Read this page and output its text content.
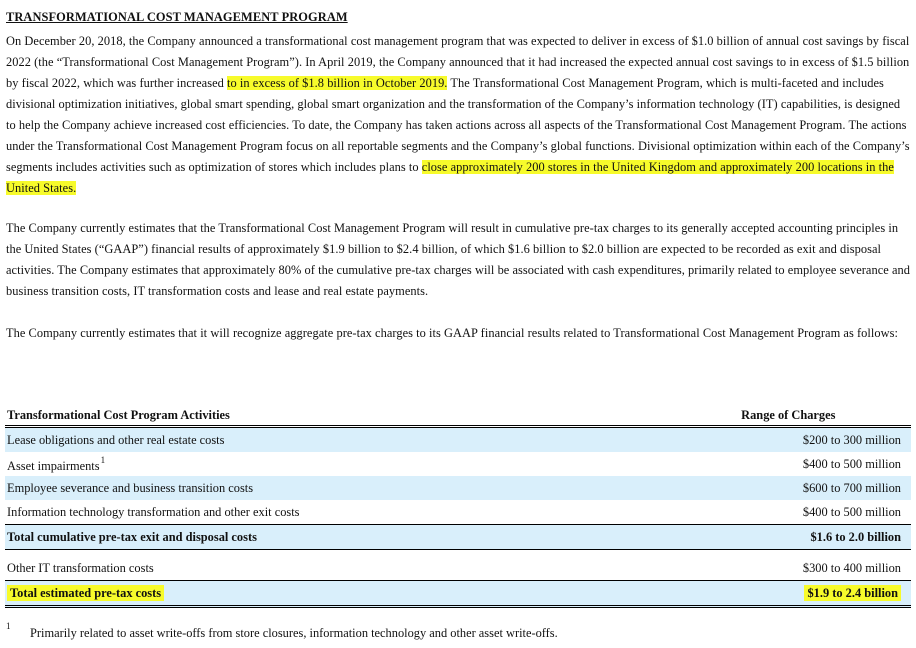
TRANSFORMATIONAL COST MANAGEMENT PROGRAM

On December 20, 2018, the Company announced a transformational cost management program that was expected to deliver in excess of $1.0 billion of annual cost savings by fiscal 2022 (the “Transformational Cost Management Program”). In April 2019, the Company announced that it had increased the expected annual cost savings to in excess of $1.5 billion by fiscal 2022, which was further increased to in excess of $1.8 billion in October 2019. The Transformational Cost Management Program, which is multi-faceted and includes divisional optimization initiatives, global smart spending, global smart organization and the transformation of the Company’s information technology (IT) capabilities, is designed to help the Company achieve increased cost efficiencies. To date, the Company has taken actions across all aspects of the Transformational Cost Management Program. The actions under the Transformational Cost Management Program focus on all reportable segments and the Company’s global functions. Divisional optimization within each of the Company’s segments includes activities such as optimization of stores which includes plans to close approximately 200 stores in the United Kingdom and approximately 200 locations in the United States.

The Company currently estimates that the Transformational Cost Management Program will result in cumulative pre-tax charges to its generally accepted accounting principles in the United States (“GAAP”) financial results of approximately $1.9 billion to $2.4 billion, of which $1.6 billion to $2.0 billion are expected to be recorded as exit and disposal activities. The Company estimates that approximately 80% of the cumulative pre-tax charges will be associated with cash expenditures, primarily related to employee severance and business transition costs, IT transformation costs and lease and real estate payments.

The Company currently estimates that it will recognize aggregate pre-tax charges to its GAAP financial results related to Transformational Cost Management Program as follows:

Transformational Cost Program Activities	Range of Charges
Lease obligations and other real estate costs	$200 to 300 million
Asset impairments$^1$	$400 to 500 million
Employee severance and business transition costs	$600 to 700 million
Information technology transformation and other exit costs	$400 to 500 million
Total cumulative pre-tax exit and disposal costs	$1.6 to 2.0 billion

Other IT transformation costs	$300 to 400 million
Total estimated pre-tax costs	$1.9 to 2.4 billion
1 Primarily related to asset write-offs from store closures, information technology and other asset write-offs.
